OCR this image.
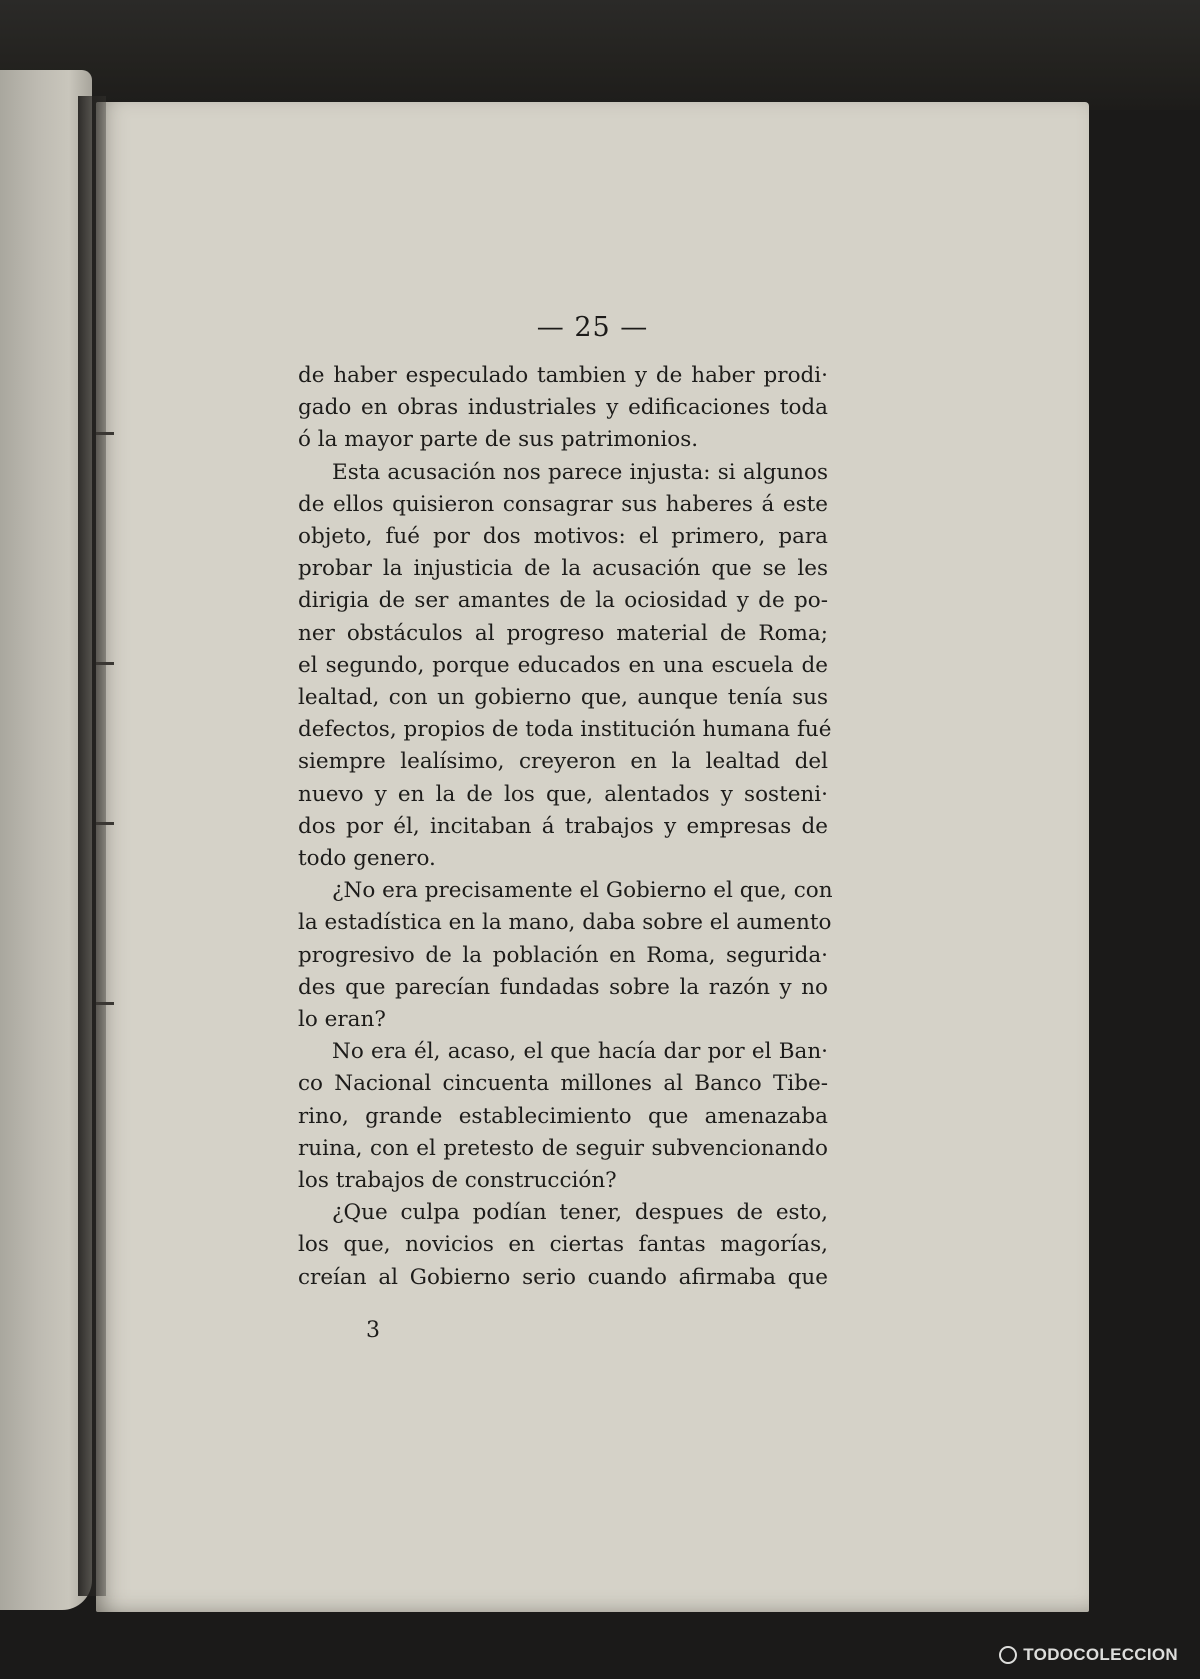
— 25 —
de haber especulado tambien y de haber prodi·
gado en obras industriales y edificaciones toda
ó la mayor parte de sus patrimonios.
Esta acusación nos parece injusta: si algunos
de ellos quisieron consagrar sus haberes á este
objeto, fué por dos motivos: el primero, para
probar la injusticia de la acusación que se les
dirigia de ser amantes de la ociosidad y de po-
ner obstáculos al progreso material de Roma;
el segundo, porque educados en una escuela de
lealtad, con un gobierno que, aunque tenía sus
defectos, propios de toda institución humana fué
siempre lealísimo, creyeron en la lealtad del
nuevo y en la de los que, alentados y sosteni·
dos por él, incitaban á trabajos y empresas de
todo genero.
¿No era precisamente el Gobierno el que, con
la estadística en la mano, daba sobre el aumento
progresivo de la población en Roma, segurida·
des que parecían fundadas sobre la razón y no
lo eran?
No era él, acaso, el que hacía dar por el Ban·
co Nacional cincuenta millones al Banco Tibe-
rino, grande establecimiento que amenazaba
ruina, con el pretesto de seguir subvencionando
los trabajos de construcción?
¿Que culpa podían tener, despues de esto,
los que, novicios en ciertas fantas magorías,
creían al Gobierno serio cuando afirmaba que
3
TODOCOLECCION
